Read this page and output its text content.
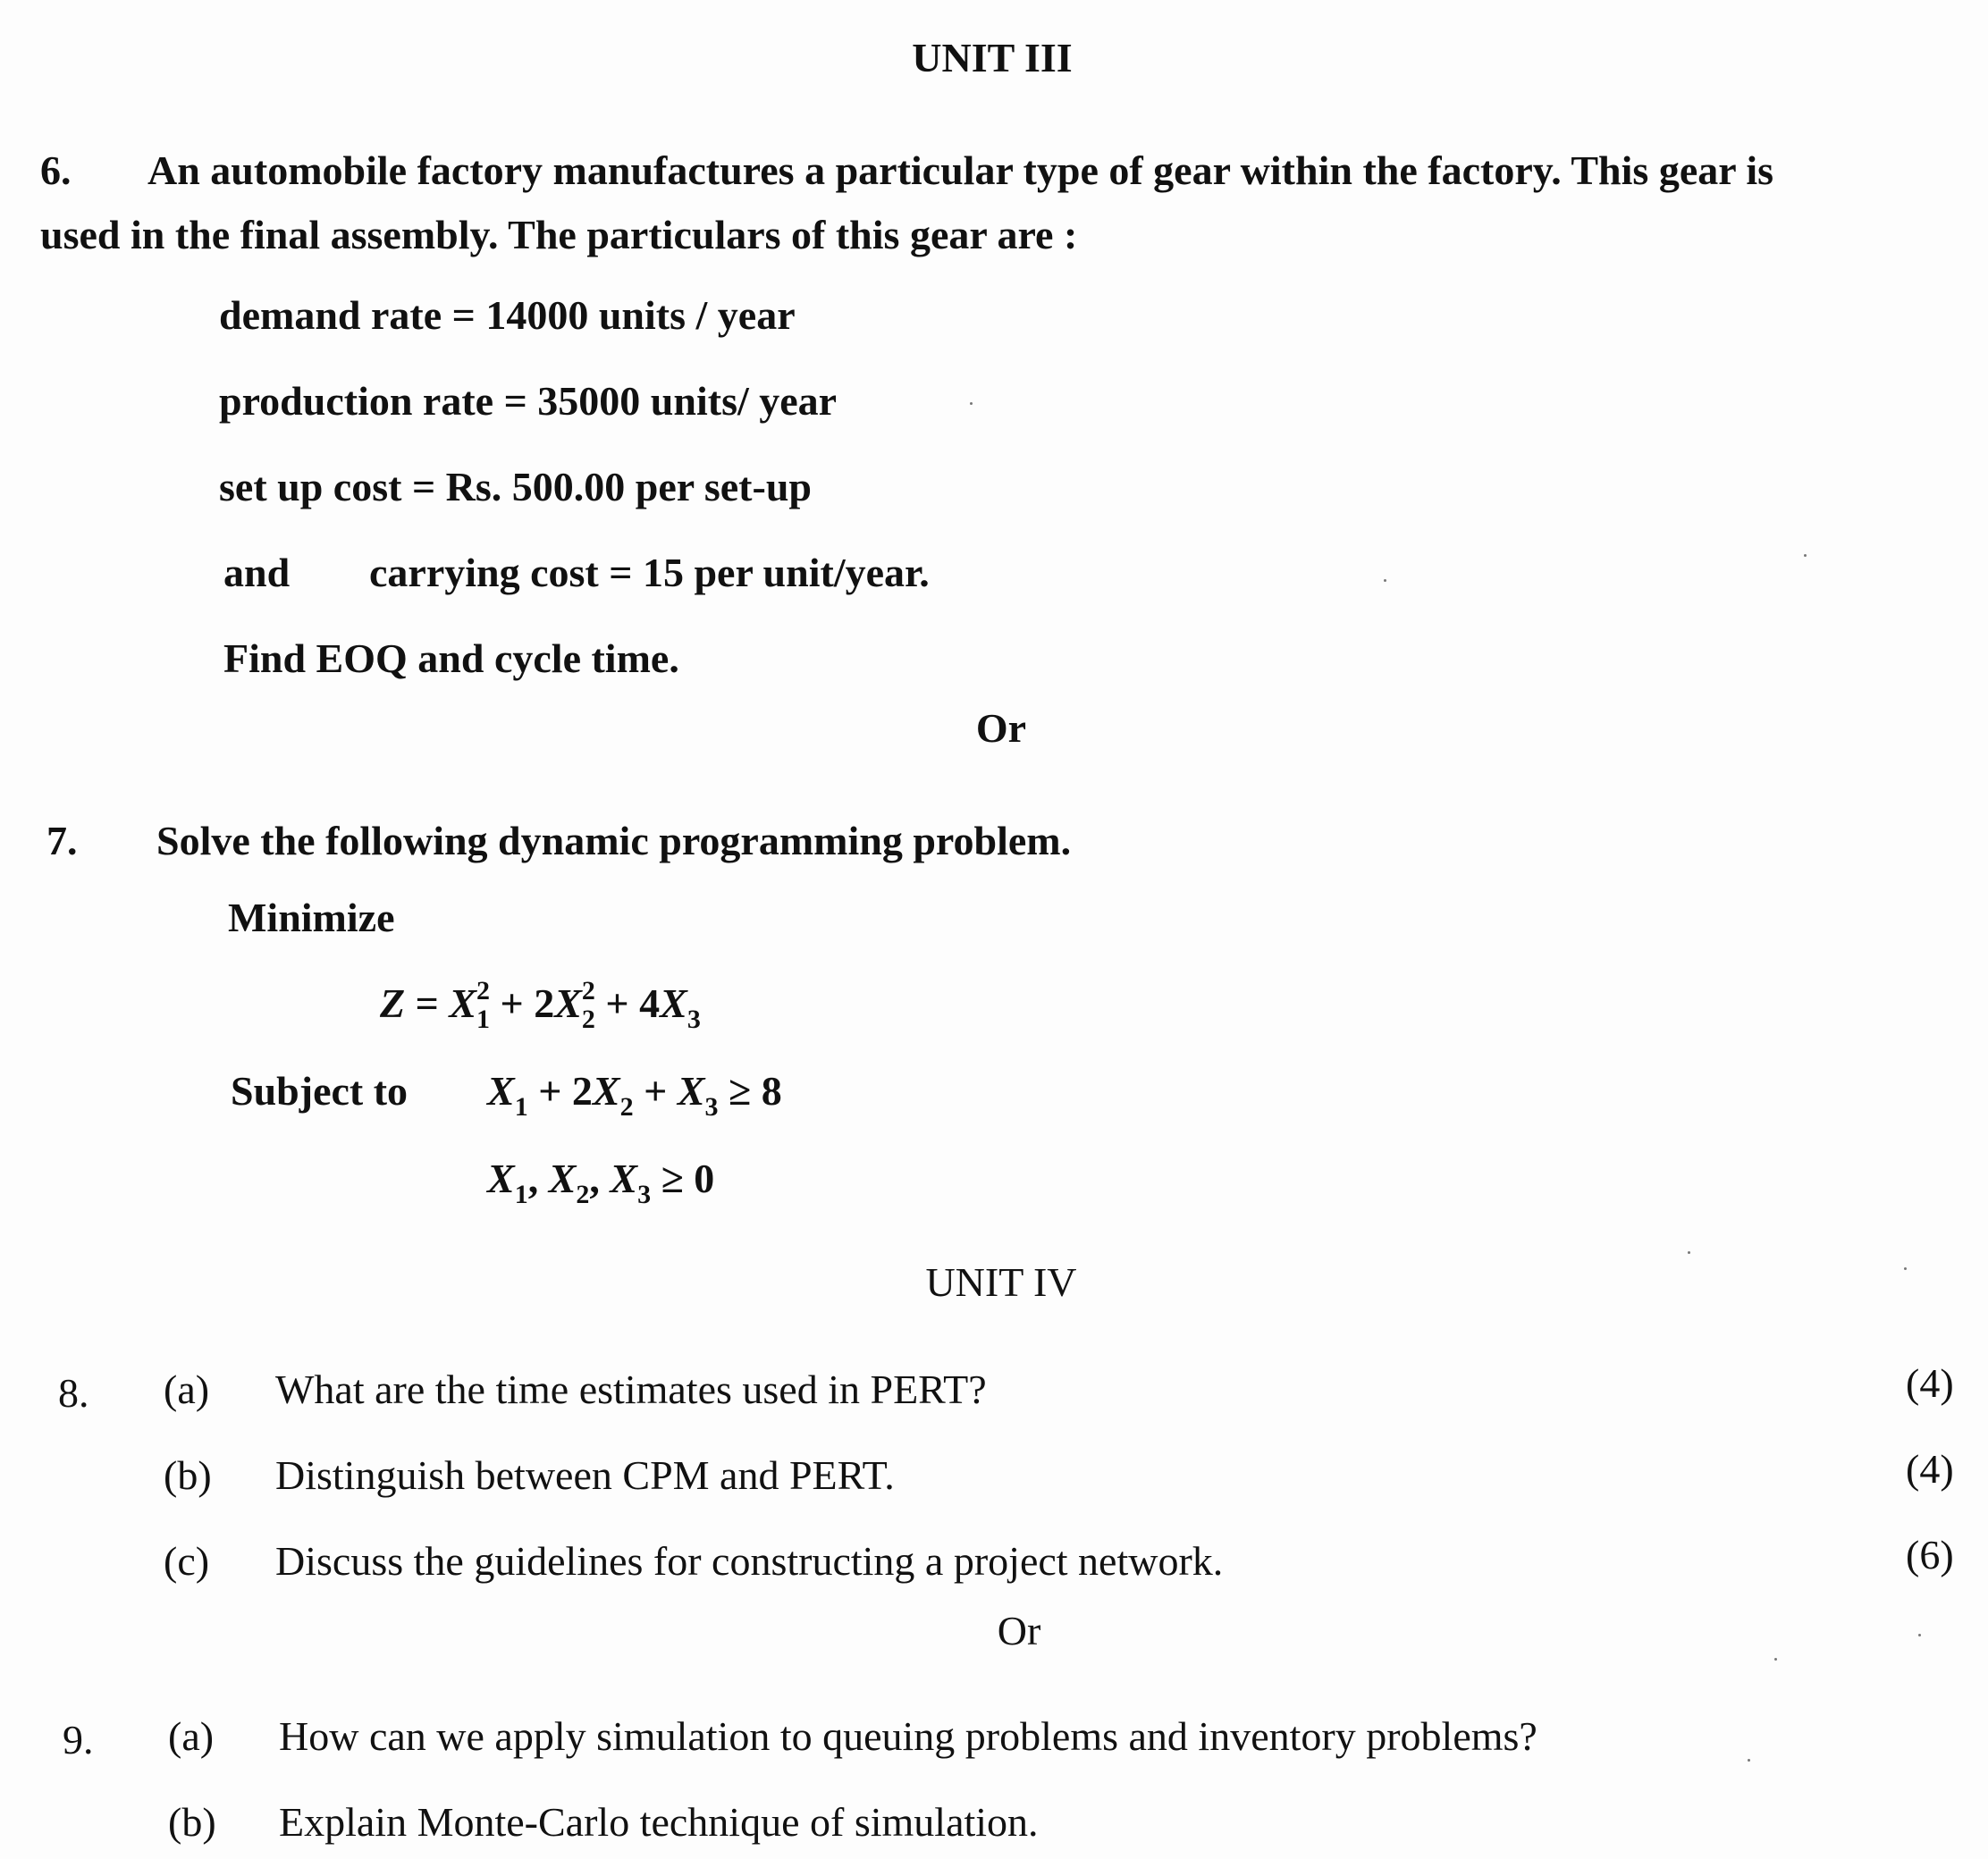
UNIT III
6. An automobile factory manufactures a particular type of gear within the factory. This gear is
used in the final assembly. The particulars of this gear are :
demand rate = 14000 units / year
production rate = 35000 units/ year
set up cost = Rs. 500.00 per set-up
and carrying cost = 15 per unit/year.
Find EOQ and cycle time.
Or
7. Solve the following dynamic programming problem.
Minimize
$Z = X^2_1 + 2X^2_2 + 4X_3$
Subject to $X_1 + 2X_2 + X_3 \ge 8$
$X_1$, $X_2$, $X_3 \ge 0$
UNIT IV
8. (a) What are the time estimates used in PERT?	(4)
(b) Distinguish between CPM and PERT.	(4)
(c) Discuss the guidelines for constructing a project network.	(6)
Or
9. (a) How can we apply simulation to queuing problems and inventory problems?
(b) Explain Monte-Carlo technique of simulation.
